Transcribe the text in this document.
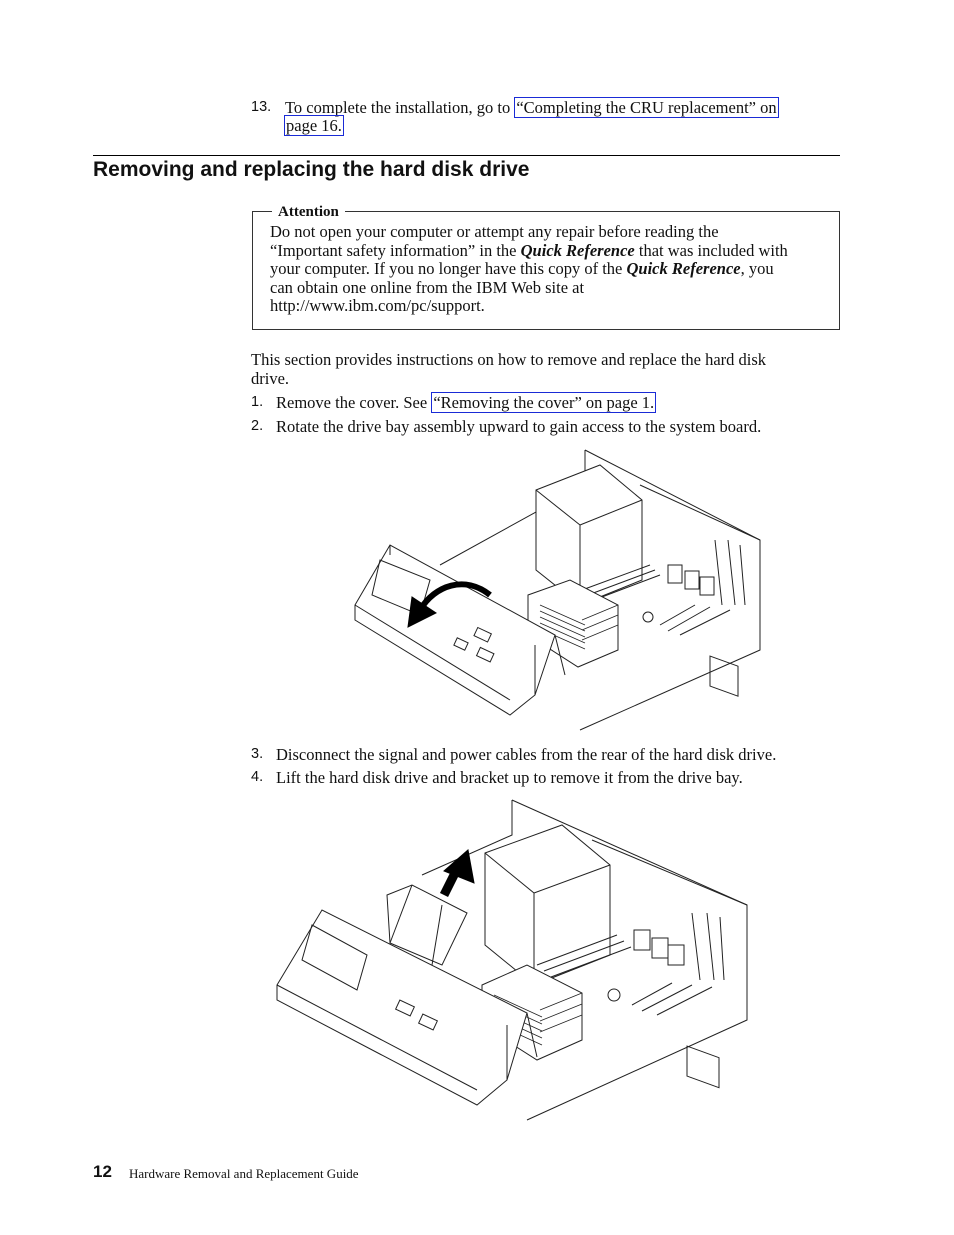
13. To complete the installation, go to “Completing the CRU replacement” on
page 16.
Removing and replacing the hard disk drive
Attention
Do not open your computer or attempt any repair before reading the
“Important safety information” in the Quick Reference that was included with
your computer. If you no longer have this copy of the Quick Reference, you
can obtain one online from the IBM Web site at
http://www.ibm.com/pc/support.
This section provides instructions on how to remove and replace the hard disk
drive.
1. Remove the cover. See “Removing the cover” on page 1.
2. Rotate the drive bay assembly upward to gain access to the system board.
3. Disconnect the signal and power cables from the rear of the hard disk drive.
4. Lift the hard disk drive and bracket up to remove it from the drive bay.
12 Hardware Removal and Replacement Guide
